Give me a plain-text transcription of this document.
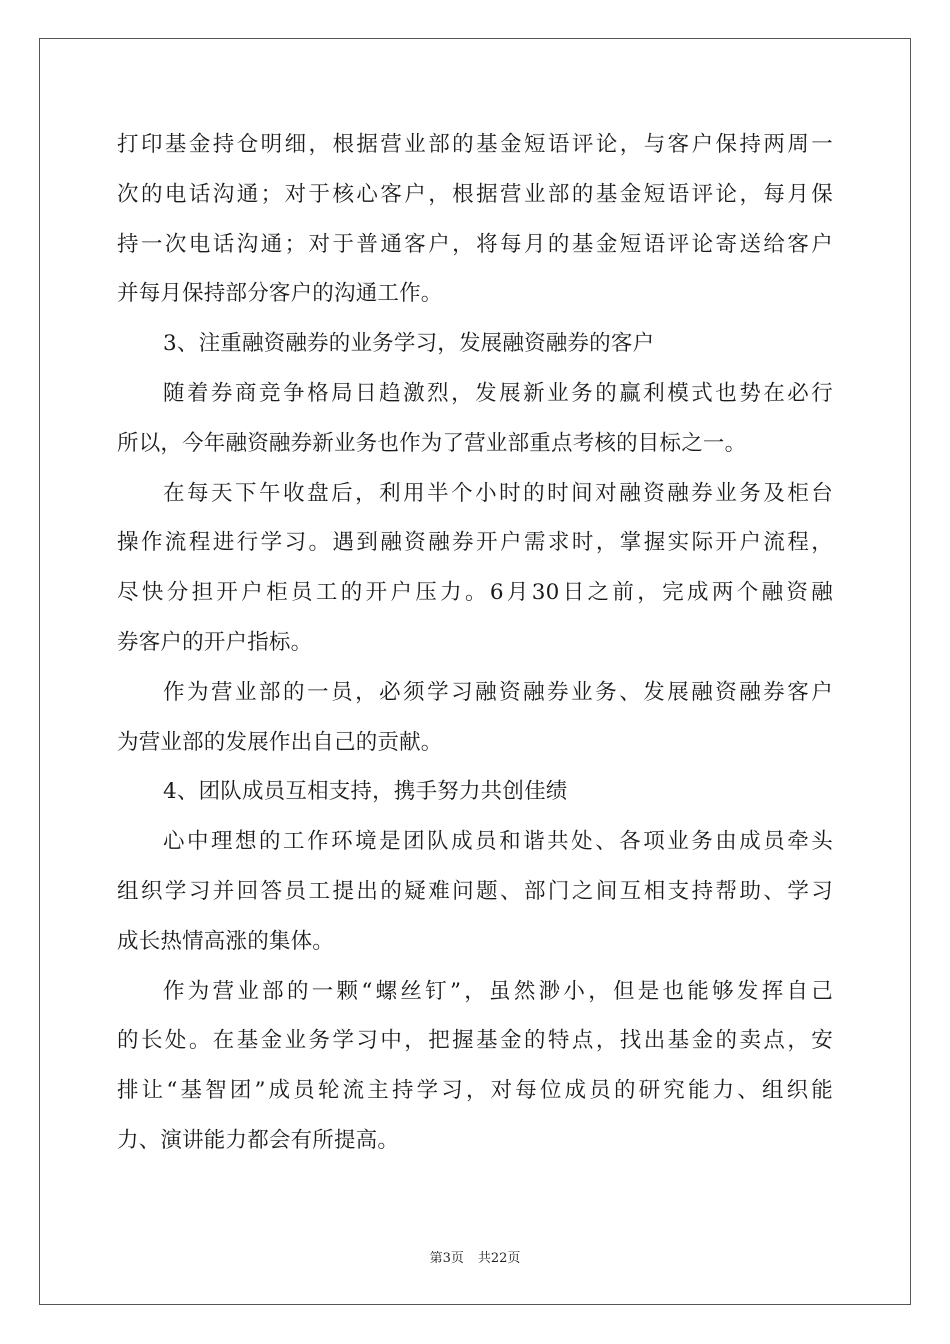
打印基金持仓明细，根据营业部的基金短语评论，与客户保持两周一
次的电话沟通；对于核心客户，根据营业部的基金短语评论，每月保
持一次电话沟通；对于普通客户，将每月的基金短语评论寄送给客户
并每月保持部分客户的沟通工作。
3、注重融资融券的业务学习，发展融资融券的客户
随着券商竞争格局日趋激烈，发展新业务的赢利模式也势在必行
所以，今年融资融券新业务也作为了营业部重点考核的目标之一。
在每天下午收盘后，利用半个小时的时间对融资融券业务及柜台
操作流程进行学习。遇到融资融券开户需求时，掌握实际开户流程，
尽快分担开户柜员工的开户压力。6月30日之前，完成两个融资融
券客户的开户指标。
作为营业部的一员，必须学习融资融券业务、发展融资融券客户
为营业部的发展作出自己的贡献。
4、团队成员互相支持，携手努力共创佳绩
心中理想的工作环境是团队成员和谐共处、各项业务由成员牵头
组织学习并回答员工提出的疑难问题、部门之间互相支持帮助、学习
成长热情高涨的集体。
作为营业部的一颗“螺丝钉”，虽然渺小，但是也能够发挥自己
的长处。在基金业务学习中，把握基金的特点，找出基金的卖点，安
排让“基智团”成员轮流主持学习，对每位成员的研究能力、组织能
力、演讲能力都会有所提高。
第3页 共22页
